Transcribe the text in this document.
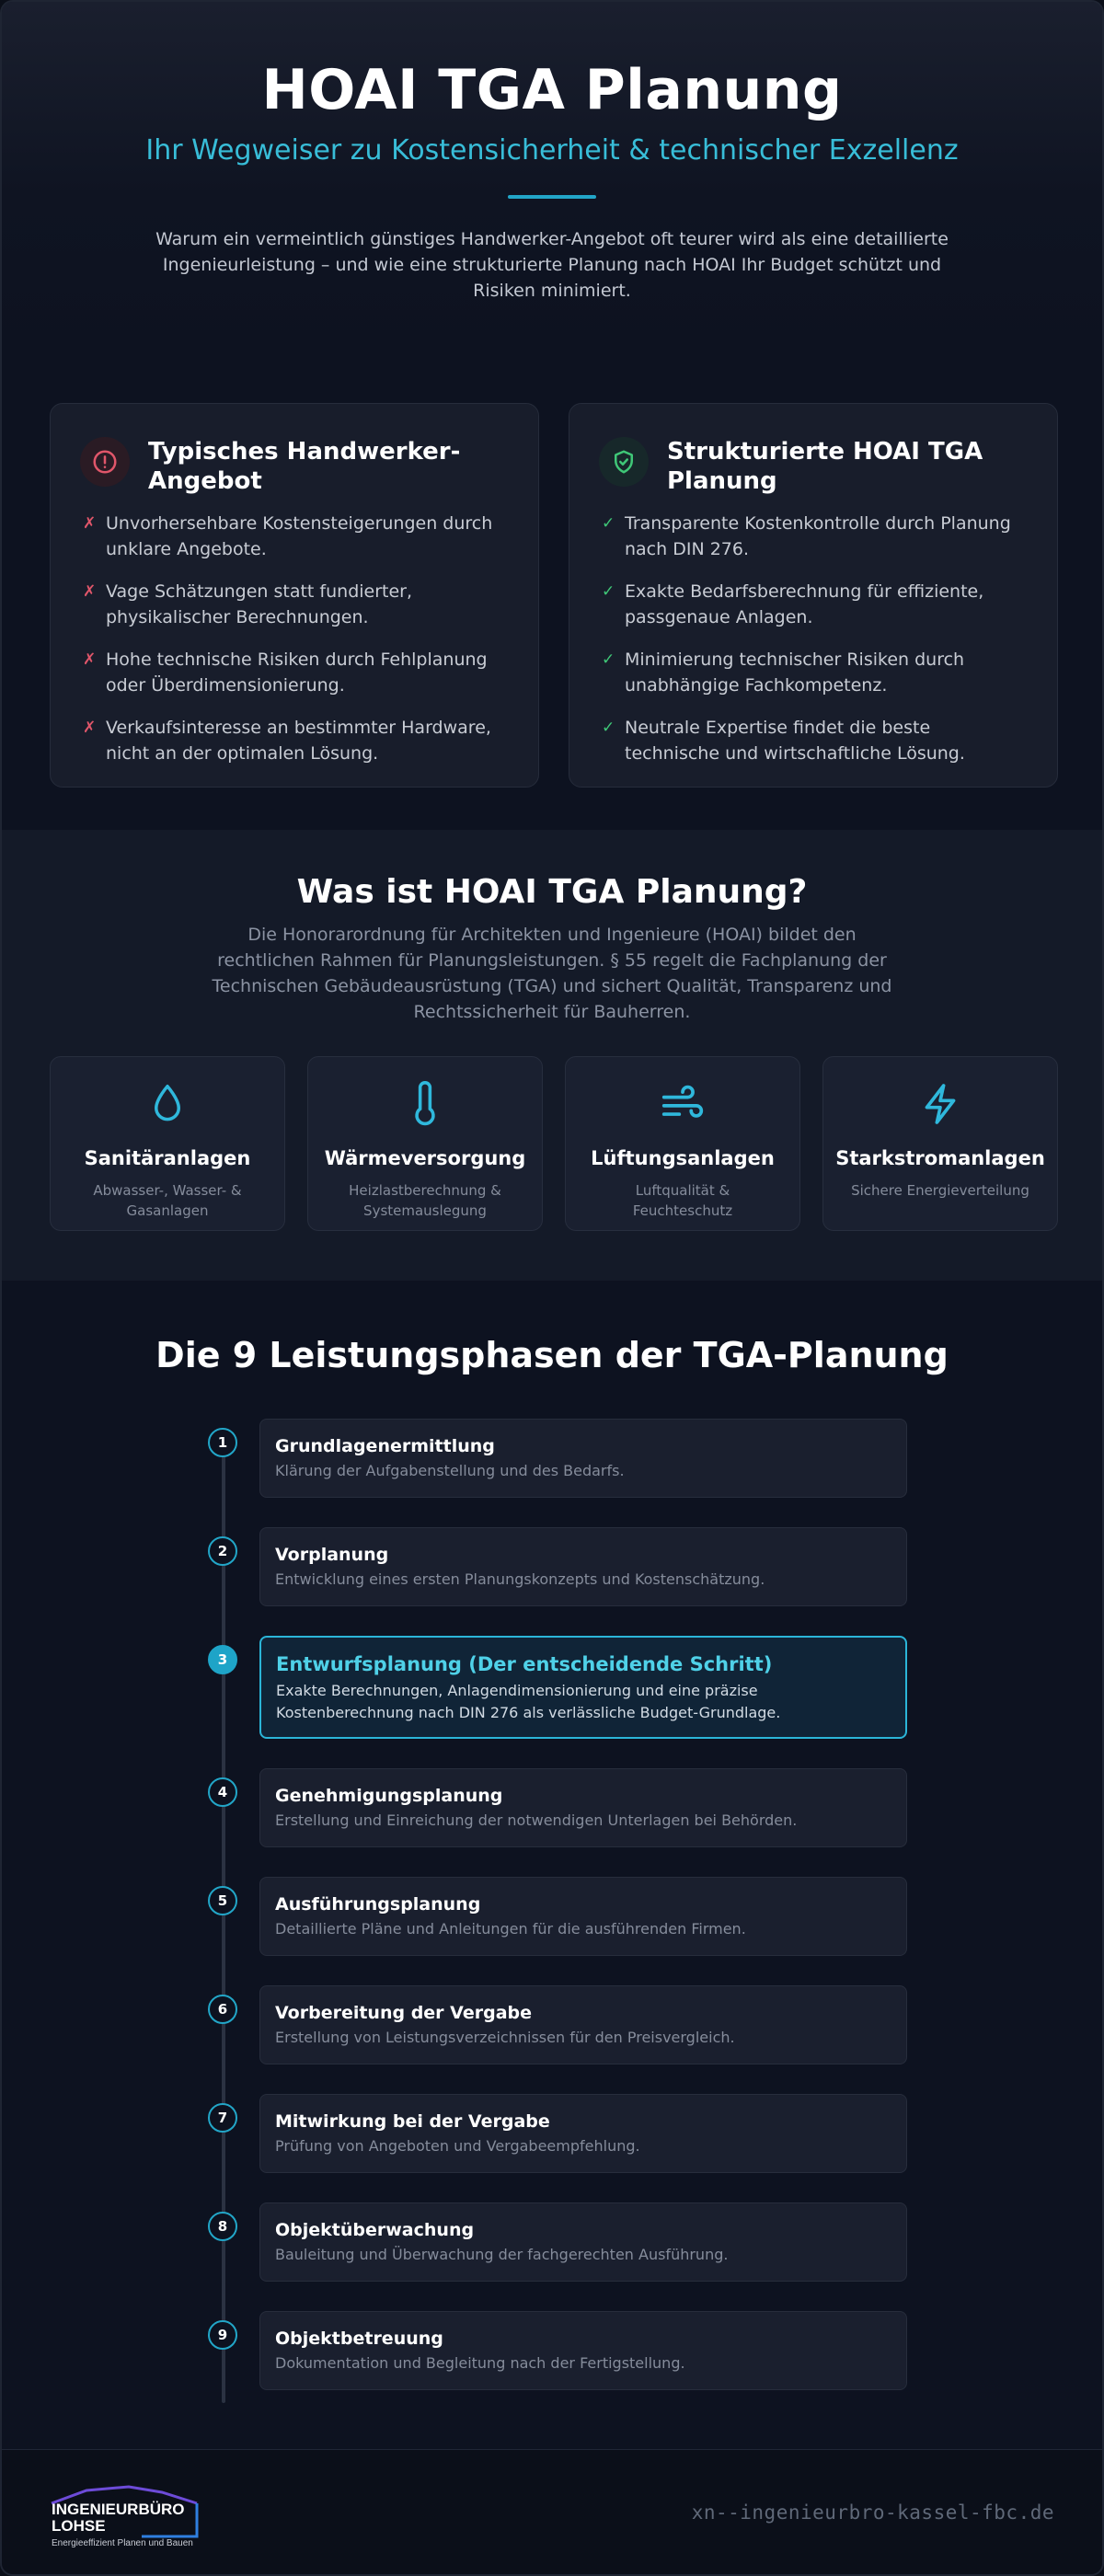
HOAI TGA Planung
Ihr Wegweiser zu Kostensicherheit & technischer Exzellenz

Warum ein vermeintlich günstiges Handwerker-Angebot oft teurer wird als eine detaillierte Ingenieurleistung – und wie eine strukturierte Planung nach HOAI Ihr Budget schützt und Risiken minimiert.

Typisches Handwerker-Angebot
✗ Unvorhersehbare Kostensteigerungen durch unklare Angebote.
✗ Vage Schätzungen statt fundierter, physikalischer Berechnungen.
✗ Hohe technische Risiken durch Fehlplanung oder Überdimensionierung.
✗ Verkaufsinteresse an bestimmter Hardware, nicht an der optimalen Lösung.
Strukturierte HOAI TGA Planung
✓ Transparente Kostenkontrolle durch Planung nach DIN 276.
✓ Exakte Bedarfsberechnung für effiziente, passgenaue Anlagen.
✓ Minimierung technischer Risiken durch unabhängige Fachkompetenz.
✓ Neutrale Expertise findet die beste technische und wirtschaftliche Lösung.
Was ist HOAI TGA Planung?

Die Honorarordnung für Architekten und Ingenieure (HOAI) bildet den rechtlichen Rahmen für Planungsleistungen. § 55 regelt die Fachplanung der Technischen Gebäudeausrüstung (TGA) und sichert Qualität, Transparenz und Rechtssicherheit für Bauherren.

Sanitäranlagen
Abwasser-, Wasser- & Gasanlagen
Wärmeversorgung
Heizlastberechnung & Systemauslegung
Lüftungsanlagen
Luftqualität & Feuchteschutz
Starkstromanlagen
Sichere Energieverteilung
Die 9 Leistungsphasen der TGA-Planung
1	Grundlagenermittlung
Klärung der Aufgabenstellung und des Bedarfs.
2	Vorplanung
Entwicklung eines ersten Planungskonzepts und Kostenschätzung.
3	Entwurfsplanung (Der entscheidende Schritt)
Exakte Berechnungen, Anlagendimensionierung und eine präzise Kostenberechnung nach DIN 276 als verlässliche Budget-Grundlage.
4	Genehmigungsplanung
Erstellung und Einreichung der notwendigen Unterlagen bei Behörden.
5	Ausführungsplanung
Detaillierte Pläne und Anleitungen für die ausführenden Firmen.
6	Vorbereitung der Vergabe
Erstellung von Leistungsverzeichnissen für den Preisvergleich.
7	Mitwirkung bei der Vergabe
Prüfung von Angeboten und Vergabeempfehlung.
8	Objektüberwachung
Bauleitung und Überwachung der fachgerechten Ausführung.
9	Objektbetreuung
Dokumentation und Begleitung nach der Fertigstellung.
INGENIEURBÜRO
LOHSE
Energieeffizient Planen und Bauen
xn--ingenieurbro-kassel-fbc.de
